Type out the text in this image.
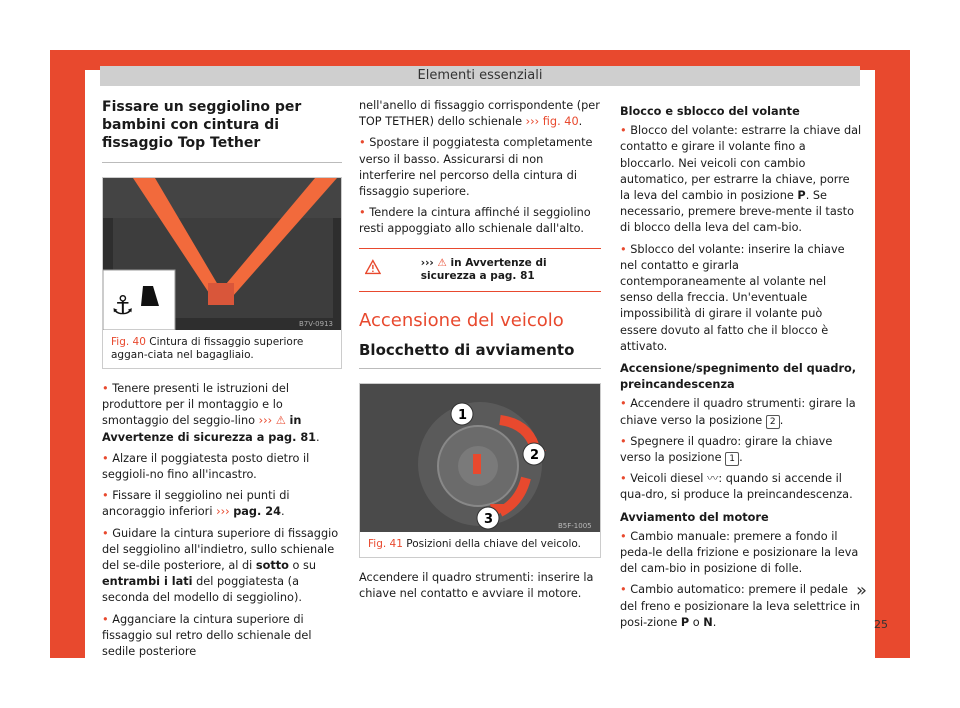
Elementi essenziali
Fissare un seggiolino per bambini con cintura di fissaggio Top Tether
⚓
B7V-0913
Fig. 40 Cintura di fissaggio superiore aggan-ciata nel bagagliaio.

• Tenere presenti le istruzioni del produttore per il montaggio e lo smontaggio del seggio-lino ››› ⚠ in Avvertenze di sicurezza a pag. 81.

• Alzare il poggiatesta posto dietro il seggioli-no fino all'incastro.

• Fissare il seggiolino nei punti di ancoraggio inferiori ››› pag. 24.

• Guidare la cintura superiore di fissaggio del seggiolino all'indietro, sullo schienale del se-dile posteriore, al di sotto o su entrambi i lati del poggiatesta (a seconda del modello di seggiolino).

• Agganciare la cintura superiore di fissaggio sul retro dello schienale del sedile posteriore

nell'anello di fissaggio corrispondente (per TOP TETHER) dello schienale ››› fig. 40.

• Spostare il poggiatesta completamente verso il basso. Assicurarsi di non interferire nel percorso della cintura di fissaggio superiore.

• Tendere la cintura affinché il seggiolino resti appoggiato allo schienale dall'alto.

››› ⚠ in Avvertenze di sicurezza a pag. 81
Accensione del veicolo
Blocchetto di avviamento
1
2
3	B5F-1005
Fig. 41 Posizioni della chiave del veicolo.

Accendere il quadro strumenti: inserire la chiave nel contatto e avviare il motore.

Blocco e sblocco del volante

• Blocco del volante: estrarre la chiave dal contatto e girare il volante fino a bloccarlo. Nei veicoli con cambio automatico, per estrarre la chiave, porre la leva del cambio in posizione P. Se necessario, premere breve-mente il tasto di blocco della leva del cam-bio.

• Sblocco del volante: inserire la chiave nel contatto e girarla contemporaneamente al volante nel senso della freccia. Un'eventuale impossibilità di girare il volante può essere dovuto al fatto che il blocco è attivato.

Accensione/spegnimento del quadro, preincandescenza

• Accendere il quadro strumenti: girare la chiave verso la posizione 2 .

• Spegnere il quadro: girare la chiave verso la posizione 1 .

• Veicoli diesel 〰: quando si accende il qua-dro, si produce la preincandescenza.

Avviamento del motore

• Cambio manuale: premere a fondo il peda-le della frizione e posizionare la leva del cam-bio in posizione di folle.

• Cambio automatico: premere il pedale del freno e posizionare la leva selettrice in posi-zione P o N.

»
25
